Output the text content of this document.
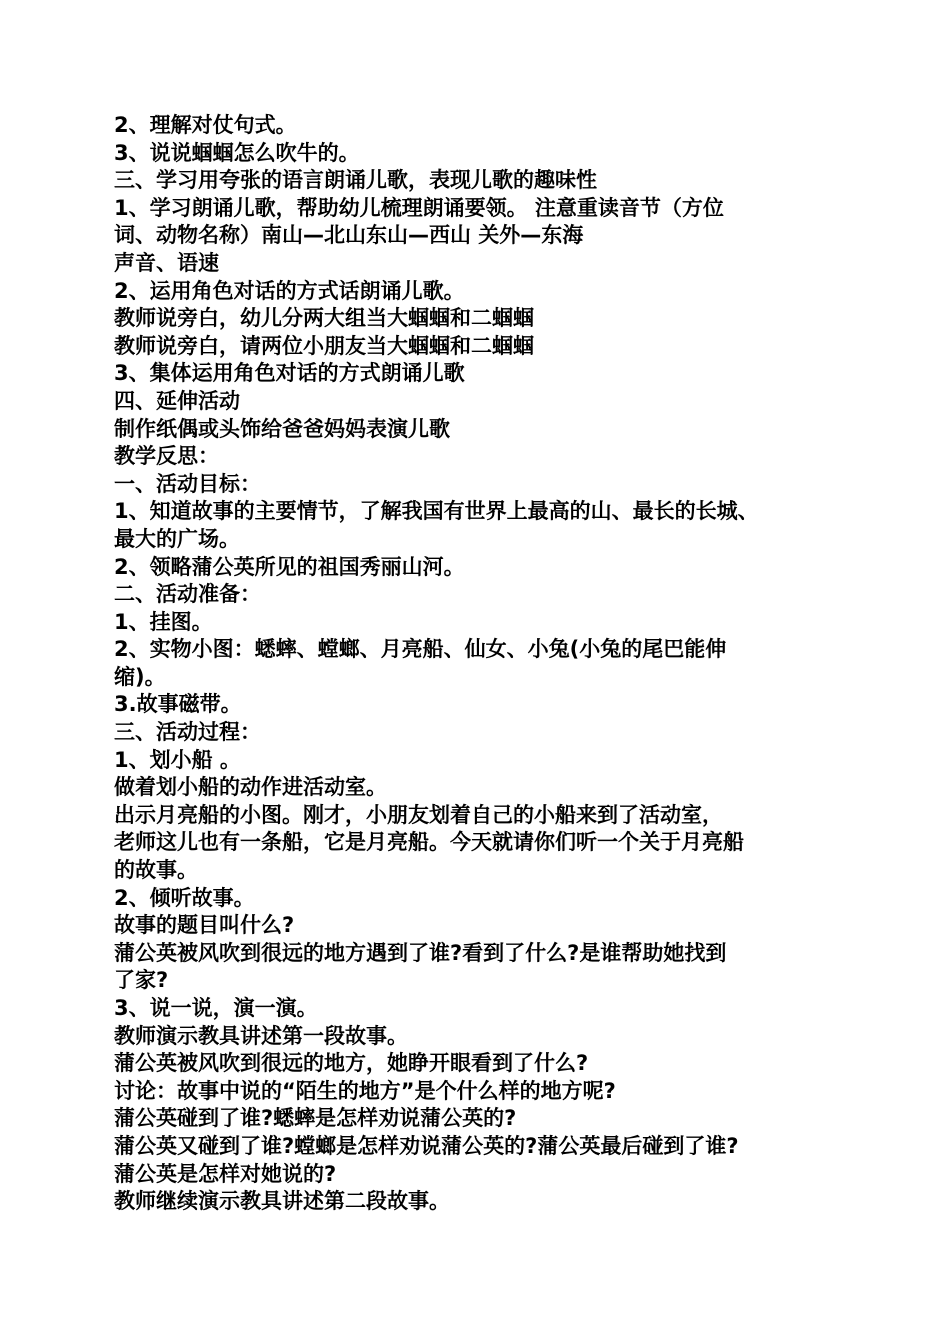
2、理解对仗句式。
3、说说蝈蝈怎么吹牛的。
三、学习用夸张的语言朗诵儿歌，表现儿歌的趣味性
1、学习朗诵儿歌，帮助幼儿梳理朗诵要领。 注意重读音节（方位
词、动物名称）南山—北山东山—西山 关外—东海
声音、语速
2、运用角色对话的方式话朗诵儿歌。
教师说旁白，幼儿分两大组当大蝈蝈和二蝈蝈
教师说旁白，请两位小朋友当大蝈蝈和二蝈蝈
3、集体运用角色对话的方式朗诵儿歌
四、延伸活动
制作纸偶或头饰给爸爸妈妈表演儿歌
教学反思：
一、活动目标：
1、知道故事的主要情节，了解我国有世界上最高的山、最长的长城、
最大的广场。
2、领略蒲公英所见的祖国秀丽山河。
二、活动准备：
1、挂图。
2、实物小图：蟋蟀、螳螂、月亮船、仙女、小兔(小兔的尾巴能伸
缩)。
3.故事磁带。
三、活动过程：
1、划小船 。
做着划小船的动作进活动室。
出示月亮船的小图。刚才，小朋友划着自己的小船来到了活动室，
老师这儿也有一条船，它是月亮船。今天就请你们听一个关于月亮船
的故事。
2、倾听故事。
故事的题目叫什么?
蒲公英被风吹到很远的地方遇到了谁?看到了什么?是谁帮助她找到
了家?
3、说一说，演一演。
教师演示教具讲述第一段故事。
蒲公英被风吹到很远的地方，她睁开眼看到了什么?
讨论：故事中说的“陌生的地方”是个什么样的地方呢?
蒲公英碰到了谁?蟋蟀是怎样劝说蒲公英的?
蒲公英又碰到了谁?螳螂是怎样劝说蒲公英的?蒲公英最后碰到了谁?
蒲公英是怎样对她说的?
教师继续演示教具讲述第二段故事。
